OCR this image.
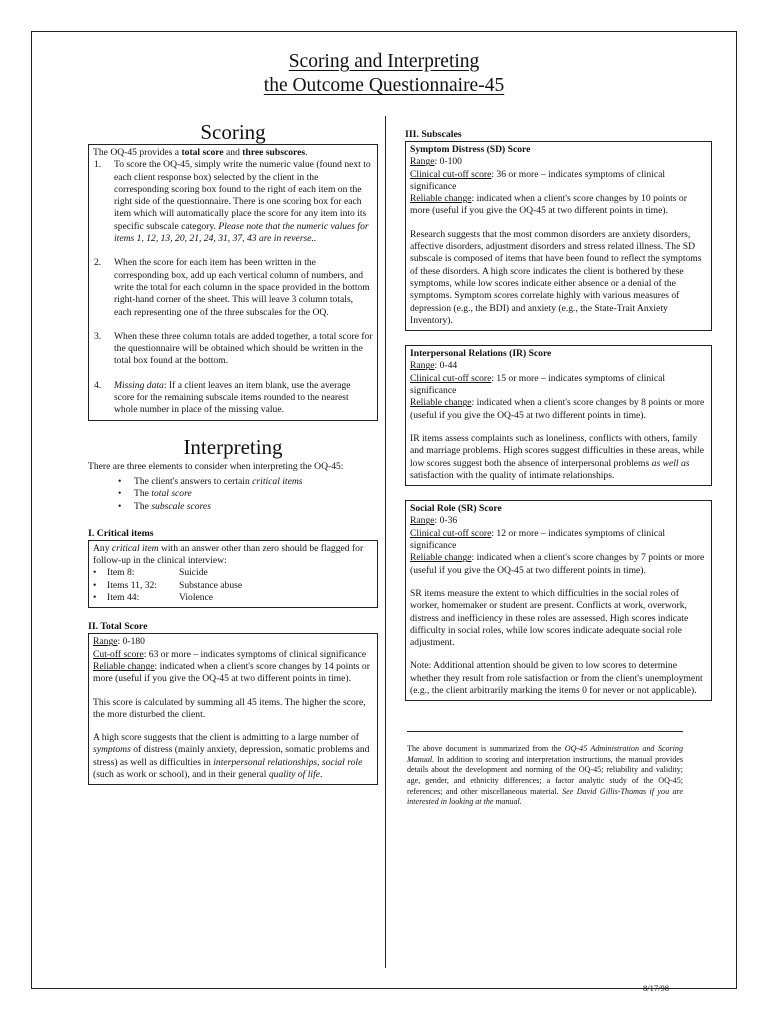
Scoring and Interpreting
the Outcome Questionnaire-45
Scoring

The OQ-45 provides a total score and three subscores.

1.	To score the OQ-45, simply write the numeric value (found next to each client response box) selected by the client in the corresponding scoring box found to the right of each item on the right side of the questionnaire. There is one scoring box for each item which will automatically place the score for any item into its specific subscale category. Please note that the numeric values for items 1, 12, 13, 20, 21, 24, 31, 37, 43 are in reverse..
2.	When the score for each item has been written in the corresponding box, add up each vertical column of numbers, and write the total for each column in the space provided in the bottom right-hand corner of the sheet. This will leave 3 column totals, each representing one of the three subscales for the OQ.
3.	When these three column totals are added together, a total score for the questionnaire will be obtained which should be written in the total box found at the bottom.
4.	Missing data: If a client leaves an item blank, use the average score for the remaining subscale items rounded to the nearest whole number in place of the missing value.
Interpreting

There are three elements to consider when interpreting the OQ-45:

•	The client's answers to certain critical items
•	The total score
•	The subscale scores

I. Critical items

Any critical item with an answer other than zero should be flagged for follow-up in the clinical interview:

•	Item 8:	Suicide
•	Items 11, 32:	Substance abuse
•	Item 44:	Violence

II. Total Score

Range: 0-180

Cut-off score: 63 or more – indicates symptoms of clinical significance

Reliable change: indicated when a client's score changes by 14 points or more (useful if you give the OQ-45 at two different points in time).

This score is calculated by summing all 45 items. The higher the score, the more disturbed the client.

A high score suggests that the client is admitting to a large number of symptoms of distress (mainly anxiety, depression, somatic problems and stress) as well as difficulties in interpersonal relationships, social role (such as work or school), and in their general quality of life.

III. Subscales

Symptom Distress (SD) Score

Range: 0-100

Clinical cut-off score: 36 or more – indicates symptoms of clinical significance

Reliable change: indicated when a client's score changes by 10 points or more (useful if you give the OQ-45 at two different points in time).

Research suggests that the most common disorders are anxiety disorders, affective disorders, adjustment disorders and stress related illness. The SD subscale is composed of items that have been found to reflect the symptoms of these disorders. A high score indicates the client is bothered by these symptoms, while low scores indicate either absence or a denial of the symptoms. Symptom scores correlate highly with various measures of depression (e.g., the BDI) and anxiety (e.g., the State-Trait Anxiety Inventory).

Interpersonal Relations (IR) Score

Range: 0-44

Clinical cut-off score: 15 or more – indicates symptoms of clinical significance

Reliable change: indicated when a client's score changes by 8 points or more (useful if you give the OQ-45 at two different points in time).

IR items assess complaints such as loneliness, conflicts with others, family and marriage problems. High scores suggest difficulties in these areas, while low scores suggest both the absence of interpersonal problems as well as satisfaction with the quality of intimate relationships.

Social Role (SR) Score

Range: 0-36

Clinical cut-off score: 12 or more – indicates symptoms of clinical significance

Reliable change: indicated when a client's score changes by 7 points or more (useful if you give the OQ-45 at two different points in time).

SR items measure the extent to which difficulties in the social roles of worker, homemaker or student are present. Conflicts at work, overwork, distress and inefficiency in these roles are assessed. High scores indicate difficulty in social roles, while low scores indicate adequate social role adjustment.

Note: Additional attention should be given to low scores to determine whether they result from role satisfaction or from the client's unemployment (e.g., the client arbitrarily marking the items 0 for never or not applicable).

The above document is summarized from the OQ-45 Administration and Scoring Manual. In addition to scoring and interpretation instructions, the manual provides details about the development and norming of the OQ-45; reliability and validity; age, gender, and ethnicity differences; a factor analytic study of the OQ-45; references; and other miscellaneous material. See David Gillis-Thomas if you are interested in looking at the manual.

8/17/98
